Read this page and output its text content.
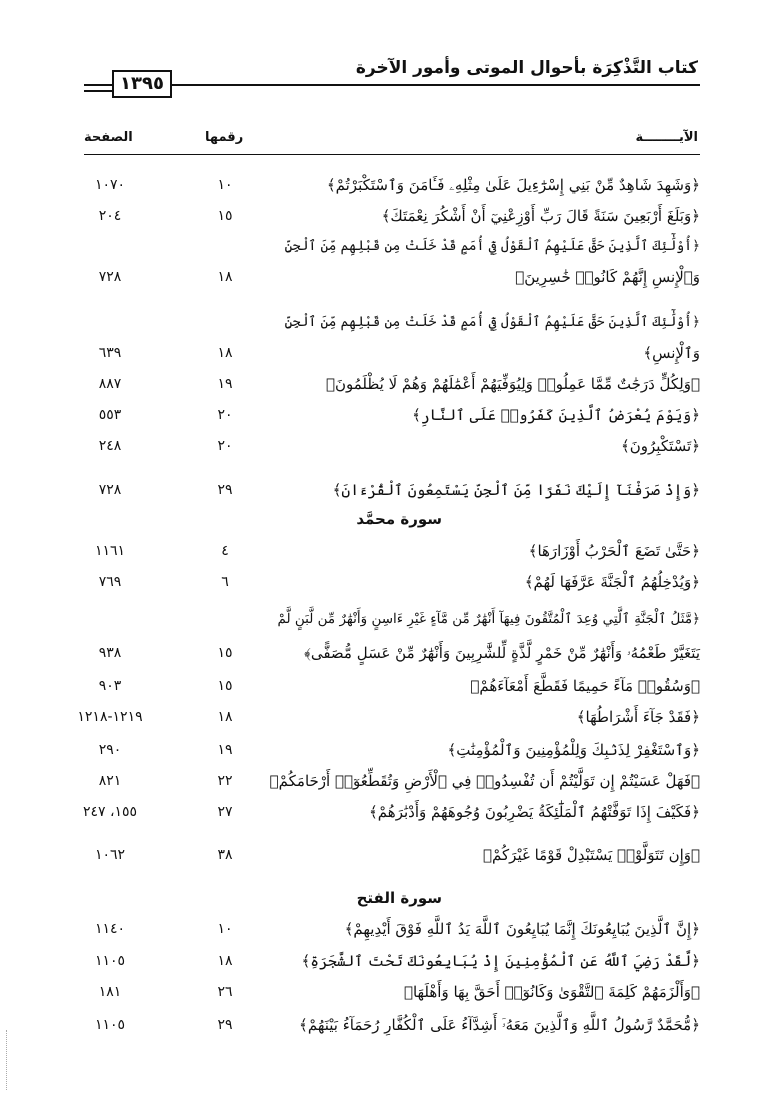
كتاب التَّذْكِرَة بأحوال الموتى وأمور الآخرة
١٣٩٥
الآيــــــــة
رقمها
الصفحة
﴿وَشَهِدَ شَاهِدٌ مِّنْ بَنِي إِسْرَٰٓءِيلَ عَلَىٰ مِثْلِهِۦ فَـَٔامَنَ وَٱسْتَكْبَرْتُمْ﴾
١٠
١٠٧٠
﴿وَبَلَغَ أَرْبَعِينَ سَنَةً قَالَ رَبِّ أَوْزِعْنِيٓ أَنْ أَشْكُرَ نِعْمَتَكَ﴾
١٥
٢٠٤
﴿أُوْلَٰٓئِكَ ٱلَّذِينَ حَقَّ عَلَيْهِمُ ٱلْقَوْلُ فِيٓ أُمَمٍ قَدْ خَلَتْ مِن قَبْلِهِم مِّنَ ٱلْجِنِّ
وَٱلْإِنسِ إِنَّهُمْ كَانُوا۟ خَٰسِرِينَ﴾
١٨
٧٢٨
﴿أُوْلَٰٓئِكَ ٱلَّذِينَ حَقَّ عَلَيْهِمُ ٱلْقَوْلُ فِيٓ أُمَمٍ قَدْ خَلَتْ مِن قَبْلِهِم مِّنَ ٱلْجِنِّ
وَٱلْإِنسِ﴾
١٨
٦٣٩
﴿وَلِكُلٍّ دَرَجَٰتٌ مِّمَّا عَمِلُوا۟ وَلِيُوَفِّيَهُمْ أَعْمَٰلَهُمْ وَهُمْ لَا يُظْلَمُونَ﴾
١٩
٨٨٧
﴿وَيَوْمَ يُعْرَضُ ٱلَّذِينَ كَفَرُوا۟ عَلَى ٱلنَّارِ﴾
٢٠
٥٥٣
﴿تَسْتَكْبِرُونَ﴾
٢٠
٢٤٨
﴿وَإِذْ صَرَفْنَآ إِلَيْكَ نَفَرًا مِّنَ ٱلْجِنِّ يَسْتَمِعُونَ ٱلْقُرْءَانَ﴾
٢٩
٧٢٨
سورة محمَّد
﴿حَتَّىٰ تَضَعَ ٱلْحَرْبُ أَوْزَارَهَا﴾
٤
١١٦١
﴿وَيُدْخِلُهُمُ ٱلْجَنَّةَ عَرَّفَهَا لَهُمْ﴾
٦
٧٦٩
﴿مَّثَلُ ٱلْجَنَّةِ ٱلَّتِي وُعِدَ ٱلْمُتَّقُونَ فِيهَآ أَنْهَٰرٌ مِّن مَّآءٍ غَيْرِ ءَاسِنٍ وَأَنْهَٰرٌ مِّن لَّبَنٍ لَّمْ
يَتَغَيَّرْ طَعْمُهُۥ وَأَنْهَٰرٌ مِّنْ خَمْرٍ لَّذَّةٍ لِّلشَّٰرِبِينَ وَأَنْهَٰرٌ مِّنْ عَسَلٍ مُّصَفًّى﴾
١٥
٩٣٨
﴿وَسُقُوا۟ مَآءً حَمِيمًا فَقَطَّعَ أَمْعَآءَهُمْ﴾
١٥
٩٠٣
﴿فَقَدْ جَآءَ أَشْرَاطُهَا﴾
١٨
١٢١٩-١٢١٨
﴿وَٱسْتَغْفِرْ لِذَنۢبِكَ وَلِلْمُؤْمِنِينَ وَٱلْمُؤْمِنَٰتِ﴾
١٩
٢٩٠
﴿فَهَلْ عَسَيْتُمْ إِن تَوَلَّيْتُمْ أَن تُفْسِدُوا۟ فِي ٱلْأَرْضِ وَتُقَطِّعُوٓا۟ أَرْحَامَكُمْ﴾
٢٢
٨٢١
﴿فَكَيْفَ إِذَا تَوَفَّتْهُمُ ٱلْمَلَٰٓئِكَةُ يَضْرِبُونَ وُجُوهَهُمْ وَأَدْبَٰرَهُمْ﴾
٢٧
١٥٥، ٢٤٧
﴿وَإِن تَتَوَلَّوْا۟ يَسْتَبْدِلْ قَوْمًا غَيْرَكُمْ﴾
٣٨
١٠٦٢
سورة الفتح
﴿إِنَّ ٱلَّذِينَ يُبَايِعُونَكَ إِنَّمَا يُبَايِعُونَ ٱللَّهَ يَدُ ٱللَّهِ فَوْقَ أَيْدِيهِمْ﴾
١٠
١١٤٠
﴿لَّقَدْ رَضِيَ ٱللَّهُ عَنِ ٱلْمُؤْمِنِينَ إِذْ يُبَايِعُونَكَ تَحْتَ ٱلشَّجَرَةِ﴾
١٨
١١٠٥
﴿وَأَلْزَمَهُمْ كَلِمَةَ ٱلتَّقْوَىٰ وَكَانُوٓا۟ أَحَقَّ بِهَا وَأَهْلَهَا﴾
٢٦
١٨١
﴿مُّحَمَّدٌ رَّسُولُ ٱللَّهِ وَٱلَّذِينَ مَعَهُۥٓ أَشِدَّآءُ عَلَى ٱلْكُفَّارِ رُحَمَآءُ بَيْنَهُمْ﴾
٢٩
١١٠٥
